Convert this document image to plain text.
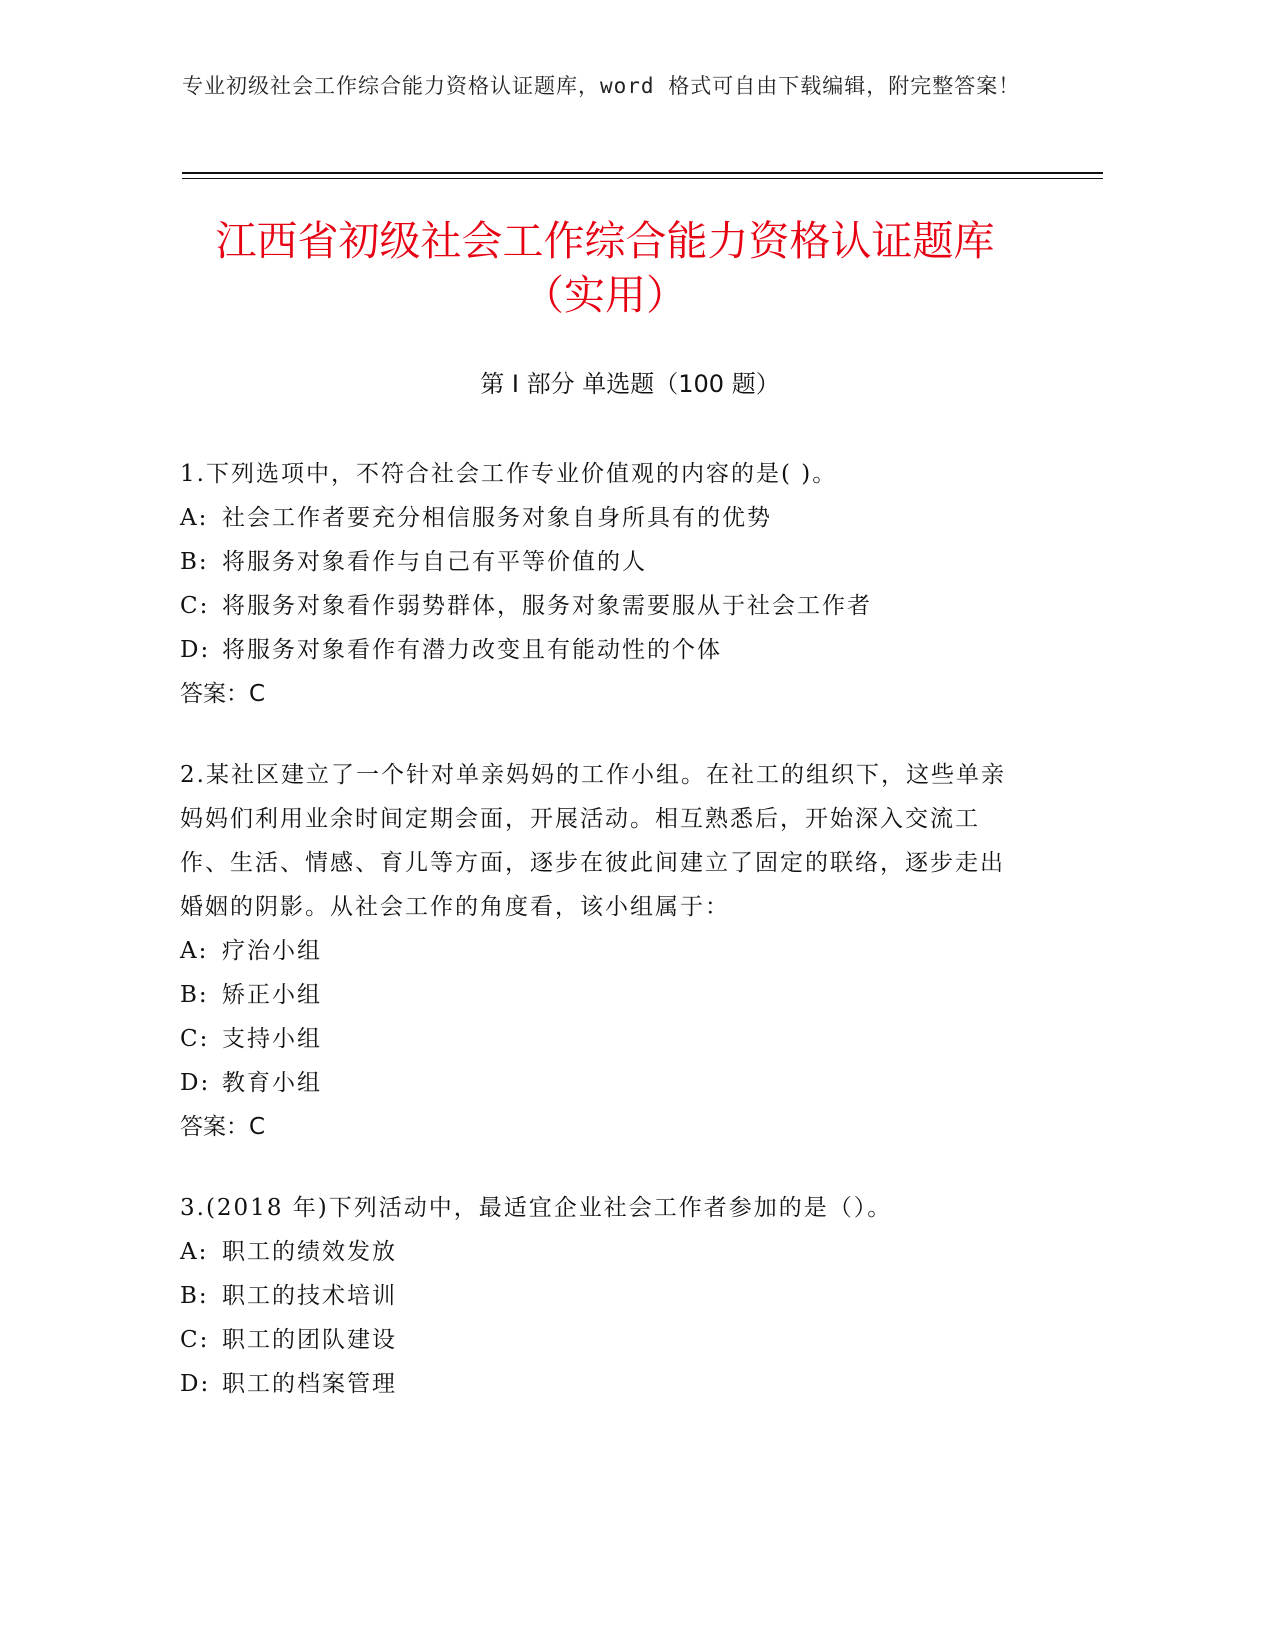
专业初级社会工作综合能力资格认证题库，word 格式可自由下载编辑，附完整答案！
江西省初级社会工作综合能力资格认证题库
（实用）
第 I 部分 单选题（100 题）

1.下列选项中，不符合社会工作专业价值观的内容的是( )。

A: 社会工作者要充分相信服务对象自身所具有的优势

B: 将服务对象看作与自己有平等价值的人

C: 将服务对象看作弱势群体，服务对象需要服从于社会工作者

D: 将服务对象看作有潜力改变且有能动性的个体

答案：C

2.某社区建立了一个针对单亲妈妈的工作小组。在社工的组织下，这些单亲妈妈们利用业余时间定期会面，开展活动。相互熟悉后，开始深入交流工作、生活、情感、育儿等方面，逐步在彼此间建立了固定的联络，逐步走出婚姻的阴影。从社会工作的角度看，该小组属于：

A: 疗治小组

B: 矫正小组

C: 支持小组

D: 教育小组

答案：C

3.(2018 年)下列活动中，最适宜企业社会工作者参加的是（）。

A: 职工的绩效发放

B: 职工的技术培训

C: 职工的团队建设

D: 职工的档案管理
